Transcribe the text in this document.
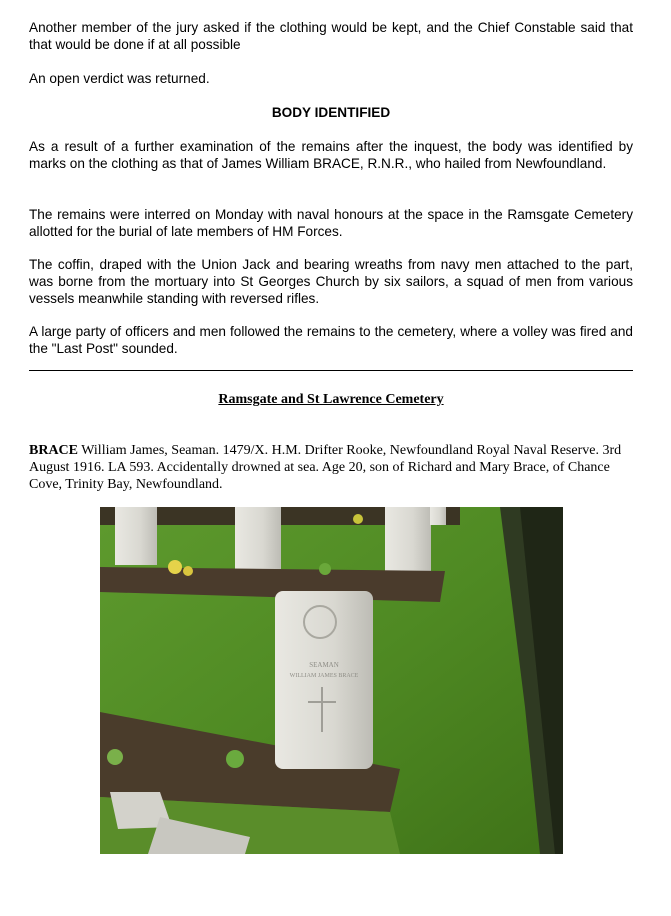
Another member of the jury asked if the clothing would be kept, and the Chief Constable said that that would be done if at all possible

An open verdict was returned.

BODY IDENTIFIED

As a result of a further examination of the remains after the inquest, the body was identified by marks on the clothing as that of James William BRACE, R.N.R., who hailed from Newfoundland.

The remains were interred on Monday with naval honours at the space in the Ramsgate Cemetery allotted for the burial of late members of HM Forces.

The coffin, draped with the Union Jack and bearing wreaths from navy men attached to the part, was borne from the mortuary into St Georges Church by six sailors, a squad of men from various vessels meanwhile standing with reversed rifles.

A large party of officers and men followed the remains to the cemetery, where a volley was fired and the "Last Post" sounded.

Ramsgate and St Lawrence Cemetery

BRACE William James, Seaman. 1479/X. H.M. Drifter Rooke, Newfoundland Royal Naval Reserve. 3rd August 1916. LA 593. Accidentally drowned at sea. Age 20, son of Richard and Mary Brace, of Chance Cove, Trinity Bay, Newfoundland.

SEAMAN
WILLIAM JAMES BRACE
